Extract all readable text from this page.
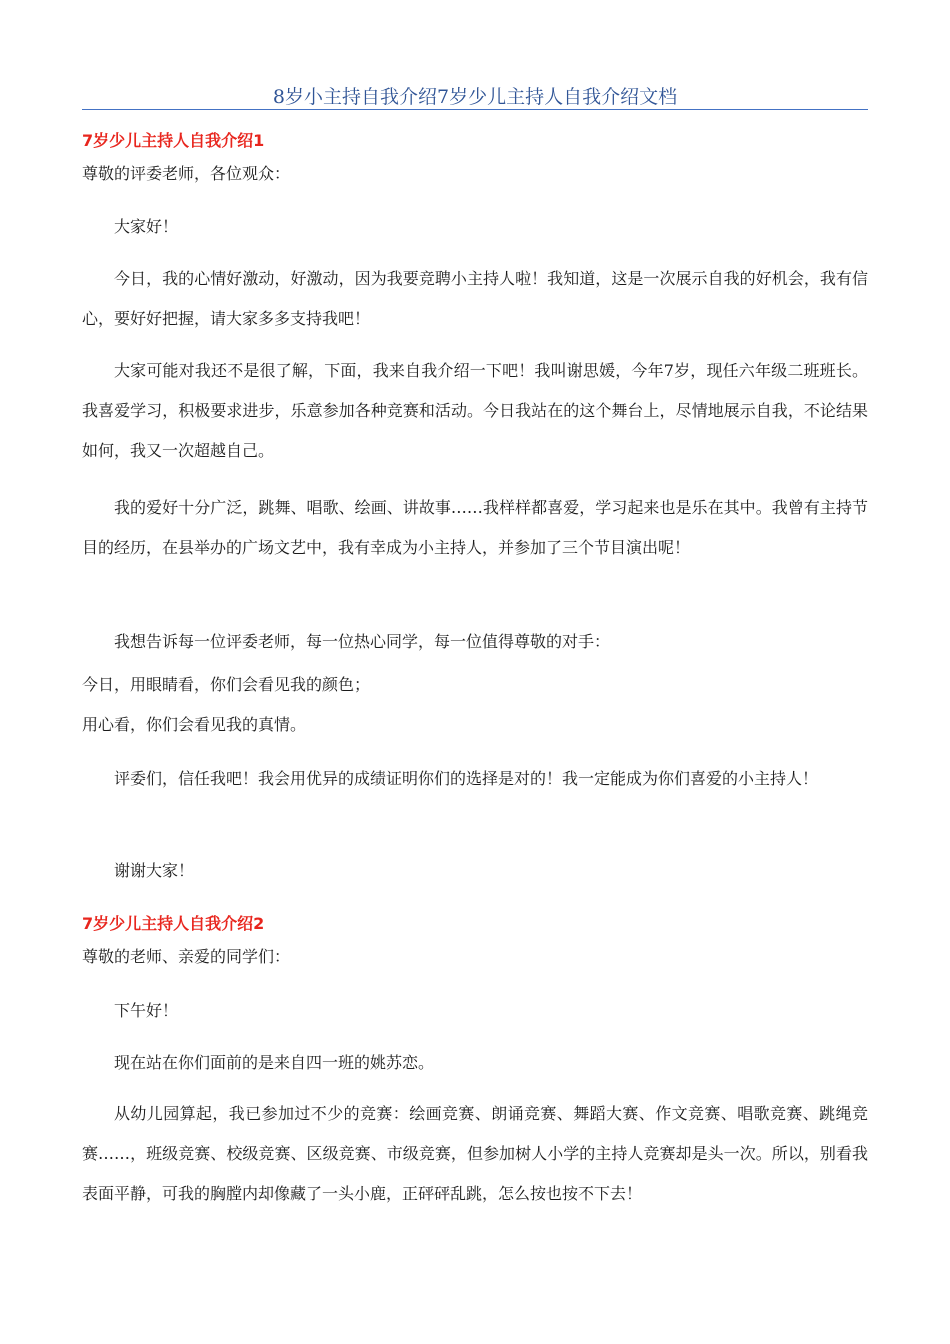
8岁小主持自我介绍7岁少儿主持人自我介绍文档
7岁少儿主持人自我介绍1

尊敬的评委老师，各位观众：

大家好！

今日，我的心情好激动，好激动，因为我要竞聘小主持人啦！我知道，这是一次展示自我的好机会，我有信心，要好好把握，请大家多多支持我吧！

大家可能对我还不是很了解，下面，我来自我介绍一下吧！我叫谢思媛，今年7岁，现任六年级二班班长。我喜爱学习，积极要求进步，乐意参加各种竞赛和活动。今日我站在的这个舞台上，尽情地展示自我，不论结果如何，我又一次超越自己。

我的爱好十分广泛，跳舞、唱歌、绘画、讲故事……我样样都喜爱，学习起来也是乐在其中。我曾有主持节目的经历，在县举办的广场文艺中，我有幸成为小主持人，并参加了三个节目演出呢！

我想告诉每一位评委老师，每一位热心同学，每一位值得尊敬的对手：

今日，用眼睛看，你们会看见我的颜色；

用心看，你们会看见我的真情。

评委们，信任我吧！我会用优异的成绩证明你们的选择是对的！我一定能成为你们喜爱的小主持人！

谢谢大家！

7岁少儿主持人自我介绍2

尊敬的老师、亲爱的同学们：

下午好！

现在站在你们面前的是来自四一班的姚苏恋。

从幼儿园算起，我已参加过不少的竞赛：绘画竞赛、朗诵竞赛、舞蹈大赛、作文竞赛、唱歌竞赛、跳绳竞赛……，班级竞赛、校级竞赛、区级竞赛、市级竞赛，但参加树人小学的主持人竞赛却是头一次。所以，别看我表面平静，可我的胸膛内却像藏了一头小鹿，正砰砰乱跳，怎么按也按不下去！
